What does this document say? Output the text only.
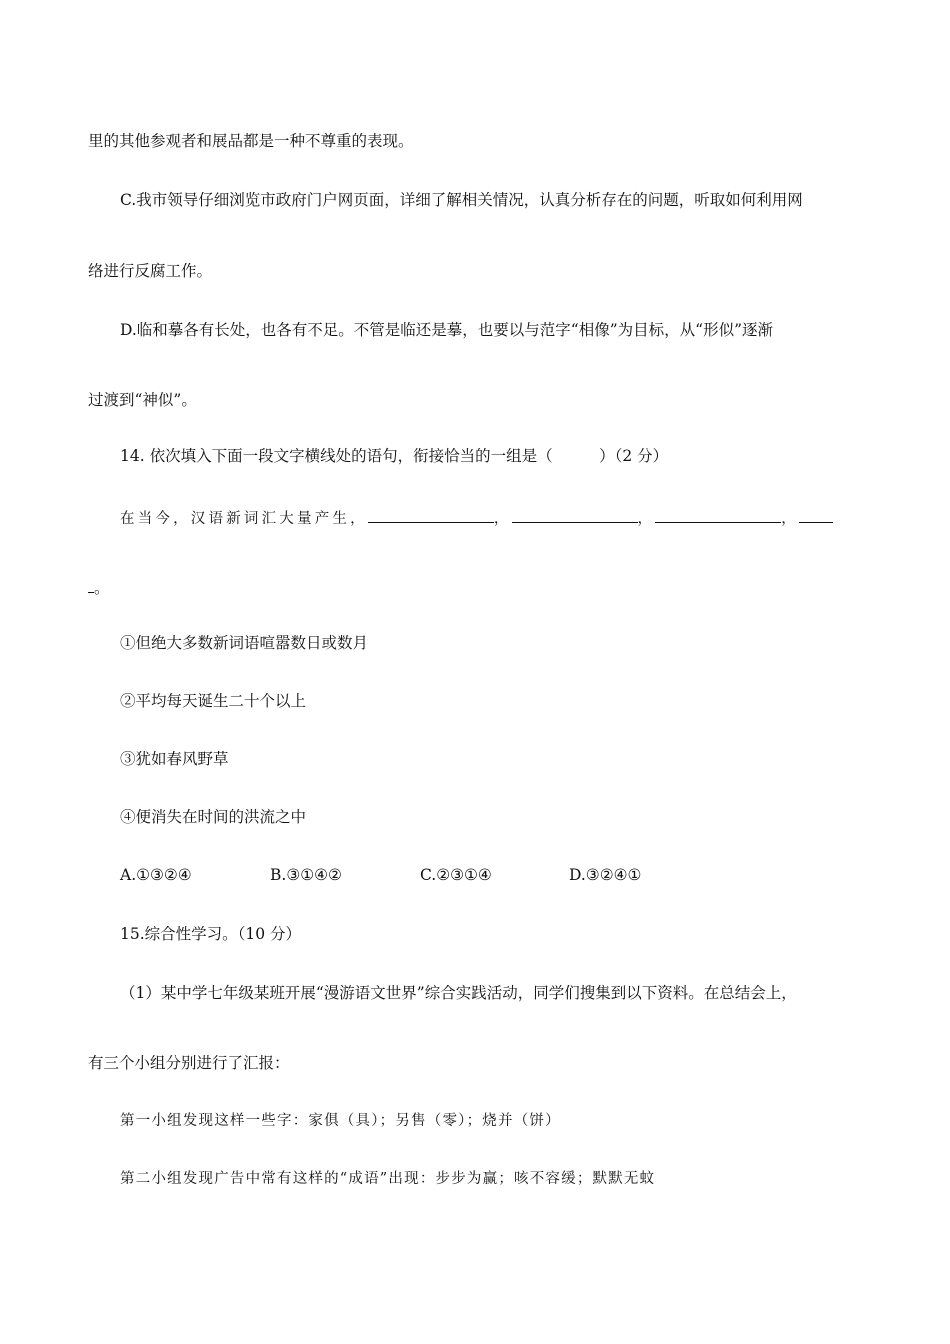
里的其他参观者和展品都是一种不尊重的表现。
C.我市领导仔细浏览市政府门户网页面，详细了解相关情况，认真分析存在的问题，听取如何利用网
络进行反腐工作。
D.临和摹各有长处，也各有不足。不管是临还是摹，也要以与范字“相像”为目标，从“形似”逐渐
过渡到“神似”。
14. 依次填入下面一段文字横线处的语句，衔接恰当的一组是（　　　）（2 分）
在当今，汉语新词汇大量产生，	，	，	，
。
①但绝大多数新词语喧嚣数日或数月
②平均每天诞生二十个以上
③犹如春风野草
④便消失在时间的洪流之中
A.①③②④	B.③①④②	C.②③①④	D.③②④①
15.综合性学习。（10 分）
（1）某中学七年级某班开展“漫游语文世界”综合实践活动，同学们搜集到以下资料。在总结会上，
有三个小组分别进行了汇报：
第一小组发现这样一些字：家俱（具）；另售（零）；烧并（饼）
第二小组发现广告中常有这样的“成语”出现：步步为赢；咳不容缓；默默无蚊
